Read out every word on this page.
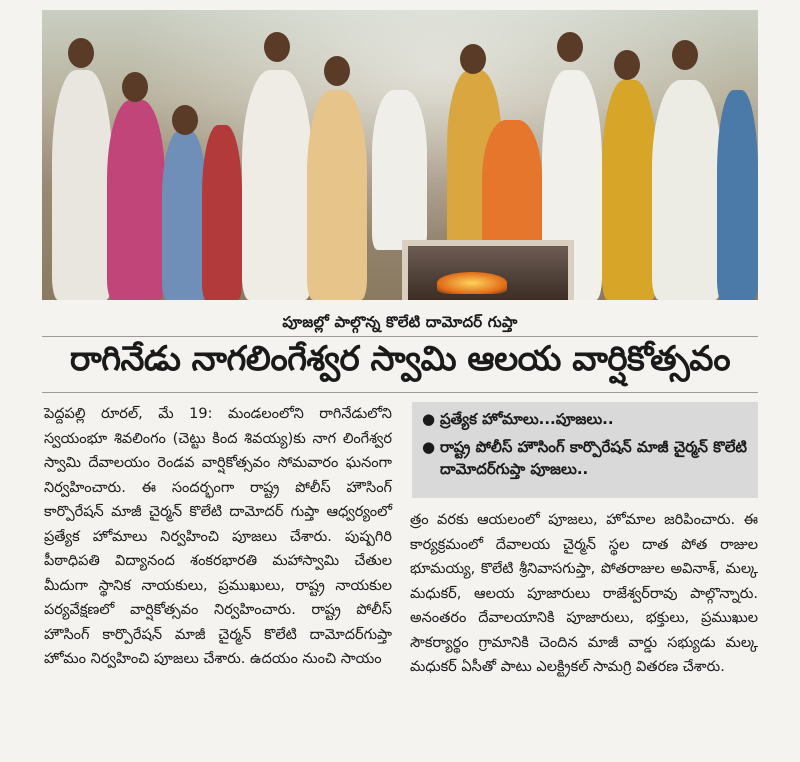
పూజల్లో పాల్గొన్న కొలేటి దామోదర్ గుప్తా
రాగినేడు నాగలింగేశ్వర స్వామి ఆలయ వార్షికోత్సవం

పెద్దపల్లి రూరల్, మే 19: మండలంలోని రాగినేడులోని స్వయంభూ శివలింగం (చెట్టు కింద శివయ్య)కు నాగ లింగేశ్వర స్వామి దేవాలయం రెండవ వార్షికోత్సవం సోమవారం ఘనంగా నిర్వహించారు. ఈ సందర్భంగా రాష్ట్ర పోలీస్ హౌసింగ్ కార్పొరేషన్ మాజీ చైర్మన్ కొలేటి దామోదర్ గుప్తా ఆధ్వర్యంలో ప్రత్యేక హోమాలు నిర్వహించి పూజలు చేశారు. పుష్పగిరి పీఠాధిపతి విద్యానంద శంకరభారతి మహాస్వామి చేతుల మీదుగా స్థానిక నాయకులు, ప్రముఖులు, రాష్ట్ర నాయకుల పర్యవేక్షణలో వార్షికోత్సవం నిర్వహించారు. రాష్ట్ర పోలీస్ హౌసింగ్ కార్పొరేషన్ మాజీ చైర్మన్ కొలేటి దామోదర్‌గుప్తా హోమం నిర్వహించి పూజలు చేశారు. ఉదయం నుంచి సాయం

● ప్రత్యేక హోమాలు...పూజలు..
● రాష్ట్ర పోలీస్ హౌసింగ్ కార్పొరేషన్ మాజీ చైర్మన్ కొలేటి దామోదర్‌గుప్తా పూజలు..

త్రం వరకు ఆయలంలో పూజలు, హోమాల జరిపించారు. ఈ కార్యక్రమంలో దేవాలయ చైర్మన్ స్థల దాత పోత రాజుల భూమయ్య, కొలేటి శ్రీనివాసగుప్తా, పోతరాజుల అవినాశ్, మల్క మధుకర్, ఆలయ పూజారులు రాజేశ్వర్‌రావు పాల్గొన్నారు. అనంతరం దేవాలయానికి పూజారులు, భక్తులు, ప్రముఖుల సౌకర్యార్థం గ్రామానికి చెందిన మాజీ వార్డు సభ్యుడు మల్క మధుకర్ ఏసీతో పాటు ఎలక్ట్రికల్ సామగ్రి వితరణ చేశారు.
